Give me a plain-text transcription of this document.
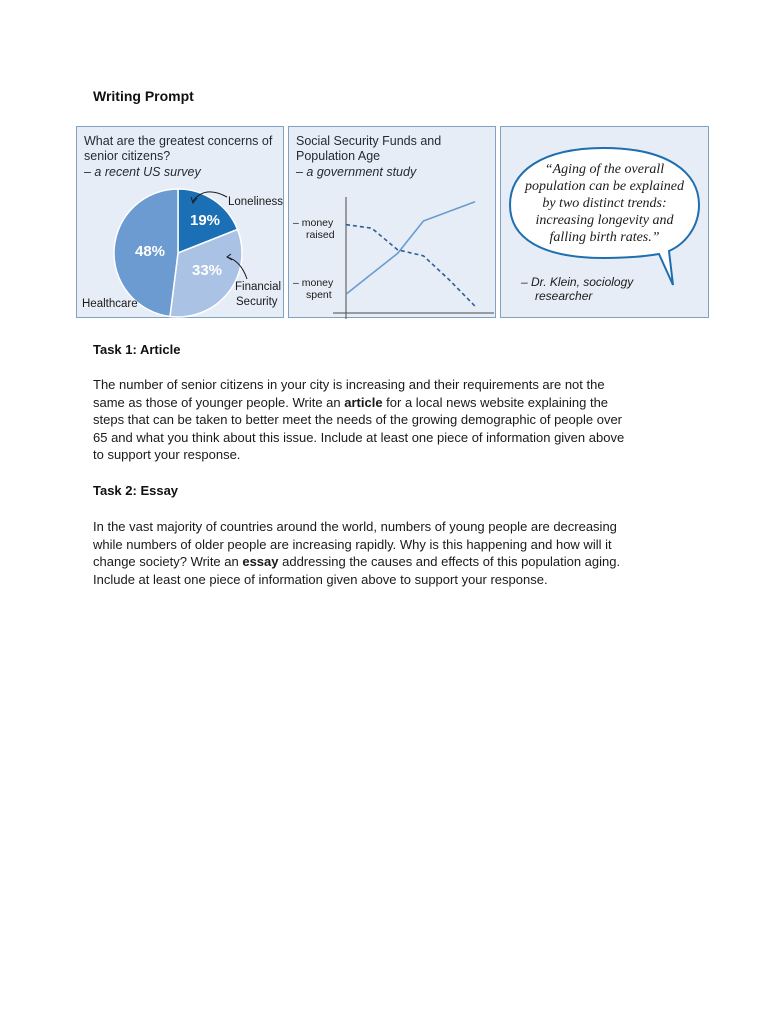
Writing Prompt
What are the greatest concerns of
senior citizens?
– a recent US survey
19%
33%
48%
Loneliness
Financial
Security
Healthcare
Social Security Funds and
Population Age
– a government study
– money
raised
– money
spent
“Aging of the overall
population can be explained
by two distinct trends:
increasing longevity and
falling birth rates.”
– Dr. Klein, sociology
researcher
Task 1: Article

The number of senior citizens in your city is increasing and their requirements are not the
same as those of younger people. Write an article for a local news website explaining the
steps that can be taken to better meet the needs of the growing demographic of people over
65 and what you think about this issue. Include at least one piece of information given above
to support your response.

Task 2: Essay

In the vast majority of countries around the world, numbers of young people are decreasing
while numbers of older people are increasing rapidly. Why is this happening and how will it
change society? Write an essay addressing the causes and effects of this population aging.
Include at least one piece of information given above to support your response.
